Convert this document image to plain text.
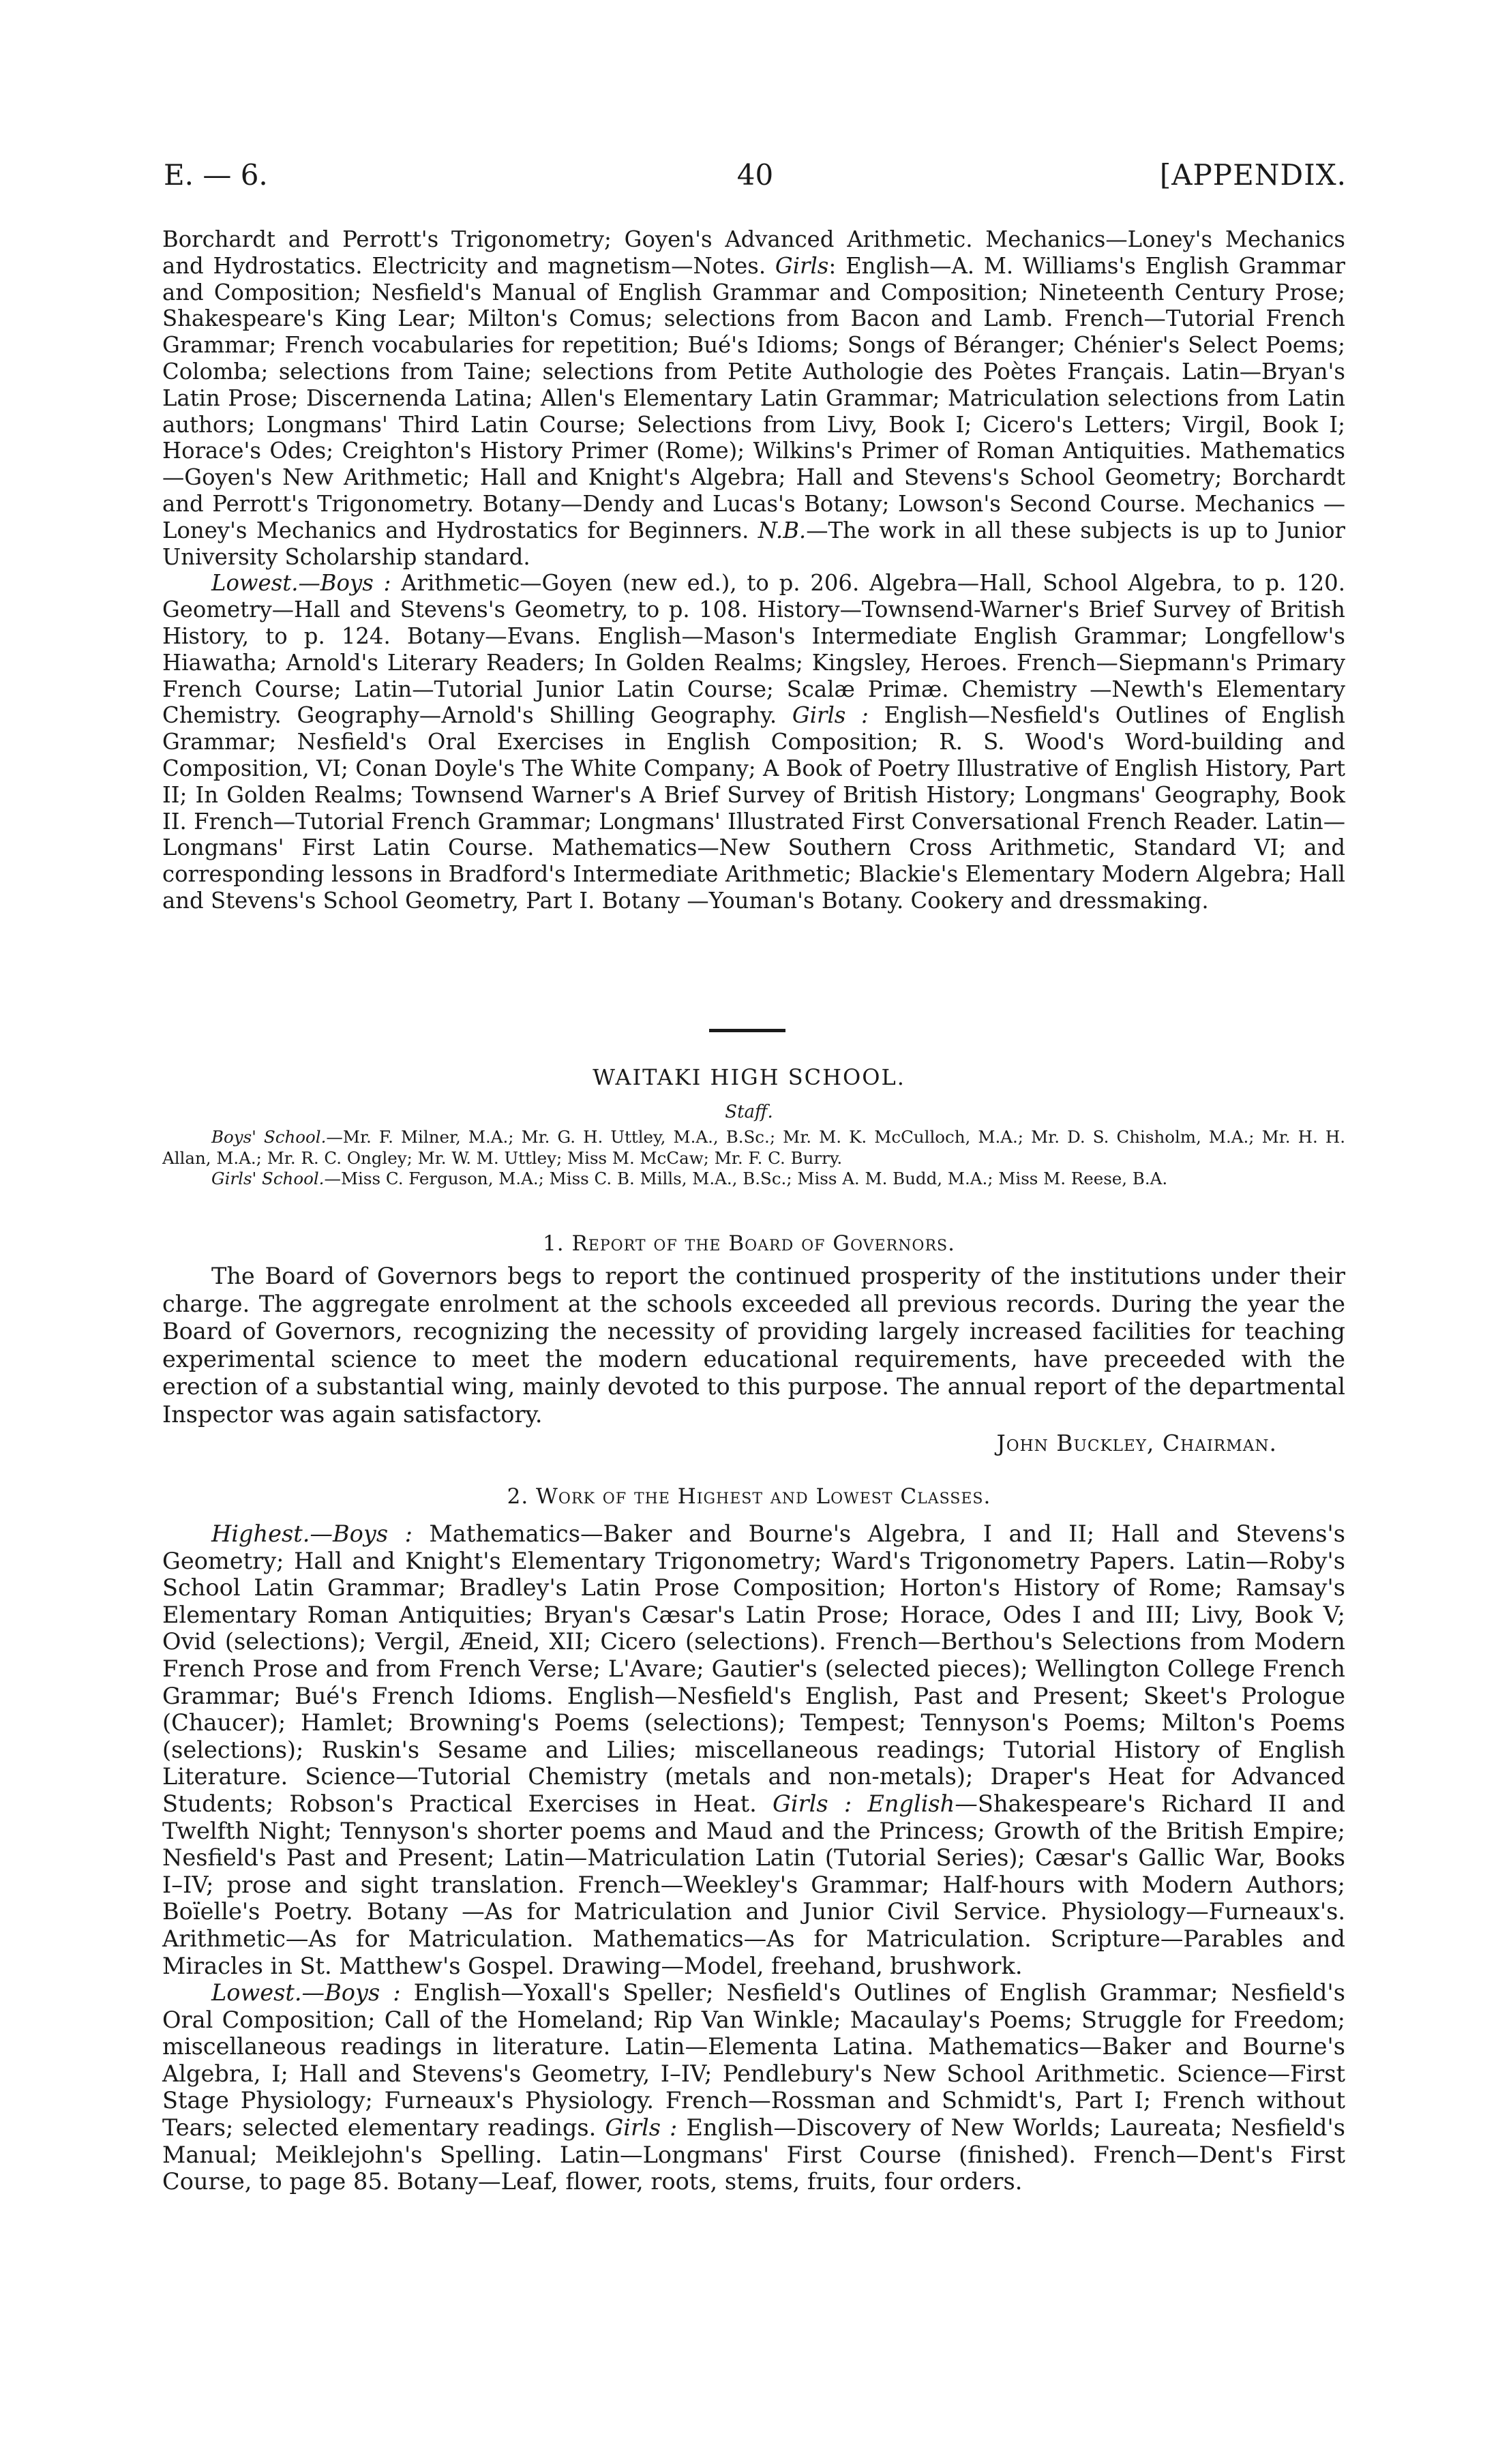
E. — 6.	40	[APPENDIX.

Borchardt and Perrott's Trigonometry; Goyen's Advanced Arithmetic. Mechanics—Loney's Mechanics and Hydrostatics. Electricity and magnetism—Notes. Girls: English—A. M. Williams's English Grammar and Composition; Nesfield's Manual of English Grammar and Composition; Nineteenth Century Prose; Shakespeare's King Lear; Milton's Comus; selections from Bacon and Lamb. French—Tutorial French Grammar; French vocabularies for repetition; Bué's Idioms; Songs of Béranger; Chénier's Select Poems; Colomba; selections from Taine; selections from Petite Authologie des Poètes Français. Latin—Bryan's Latin Prose; Discernenda Latina; Allen's Elementary Latin Grammar; Matriculation selections from Latin authors; Longmans' Third Latin Course; Selections from Livy, Book I; Cicero's Letters; Virgil, Book I; Horace's Odes; Creighton's History Primer (Rome); Wilkins's Primer of Roman Antiquities. Mathematics—Goyen's New Arithmetic; Hall and Knight's Algebra; Hall and Stevens's School Geometry; Borchardt and Perrott's Trigonometry. Botany—Dendy and Lucas's Botany; Lowson's Second Course. Mechanics —Loney's Mechanics and Hydrostatics for Beginners. N.B.—The work in all these subjects is up to Junior University Scholarship standard.

Lowest.—Boys : Arithmetic—Goyen (new ed.), to p. 206. Algebra—Hall, School Algebra, to p. 120. Geometry—Hall and Stevens's Geometry, to p. 108. History—Townsend-Warner's Brief Survey of British History, to p. 124. Botany—Evans. English—Mason's Intermediate English Grammar; Longfellow's Hiawatha; Arnold's Literary Readers; In Golden Realms; Kingsley, Heroes. French—Siepmann's Primary French Course; Latin—Tutorial Junior Latin Course; Scalæ Primæ. Chemistry —Newth's Elementary Chemistry. Geography—Arnold's Shilling Geography. Girls : English—Nesfield's Outlines of English Grammar; Nesfield's Oral Exercises in English Composition; R. S. Wood's Word-building and Composition, VI; Conan Doyle's The White Company; A Book of Poetry Illustrative of English History, Part II; In Golden Realms; Townsend Warner's A Brief Survey of British History; Longmans' Geography, Book II. French—Tutorial French Grammar; Longmans' Illustrated First Conversational French Reader. Latin—Longmans' First Latin Course. Mathematics—New Southern Cross Arithmetic, Standard VI; and corresponding lessons in Bradford's Intermediate Arithmetic; Blackie's Elementary Modern Algebra; Hall and Stevens's School Geometry, Part I. Botany —Youman's Botany. Cookery and dressmaking.

WAITAKI HIGH SCHOOL.
Staff.

Boys' School.—Mr. F. Milner, M.A.; Mr. G. H. Uttley, M.A., B.Sc.; Mr. M. K. McCulloch, M.A.; Mr. D. S. Chisholm, M.A.; Mr. H. H. Allan, M.A.; Mr. R. C. Ongley; Mr. W. M. Uttley; Miss M. McCaw; Mr. F. C. Burry.

Girls' School.—Miss C. Ferguson, M.A.; Miss C. B. Mills, M.A., B.Sc.; Miss A. M. Budd, M.A.; Miss M. Reese, B.A.

1. Report of the Board of Governors.

The Board of Governors begs to report the continued prosperity of the institutions under their charge. The aggregate enrolment at the schools exceeded all previous records. During the year the Board of Governors, recognizing the necessity of providing largely increased facilities for teaching experimental science to meet the modern educational requirements, have preceeded with the erection of a substantial wing, mainly devoted to this purpose. The annual report of the departmental Inspector was again satisfactory.

John Buckley, Chairman.
2. Work of the Highest and Lowest Classes.

Highest.—Boys : Mathematics—Baker and Bourne's Algebra, I and II; Hall and Stevens's Geometry; Hall and Knight's Elementary Trigonometry; Ward's Trigonometry Papers. Latin—Roby's School Latin Grammar; Bradley's Latin Prose Composition; Horton's History of Rome; Ramsay's Elementary Roman Antiquities; Bryan's Cæsar's Latin Prose; Horace, Odes I and III; Livy, Book V; Ovid (selections); Vergil, Æneid, XII; Cicero (selections). French—Berthou's Selections from Modern French Prose and from French Verse; L'Avare; Gautier's (selected pieces); Wellington College French Grammar; Bué's French Idioms. English—Nesfield's English, Past and Present; Skeet's Prologue (Chaucer); Hamlet; Browning's Poems (selections); Tempest; Tennyson's Poems; Milton's Poems (selections); Ruskin's Sesame and Lilies; miscellaneous readings; Tutorial History of English Literature. Science—Tutorial Chemistry (metals and non-metals); Draper's Heat for Advanced Students; Robson's Practical Exercises in Heat. Girls : English—Shakespeare's Richard II and Twelfth Night; Tennyson's shorter poems and Maud and the Princess; Growth of the British Empire; Nesfield's Past and Present; Latin—Matriculation Latin (Tutorial Series); Cæsar's Gallic War, Books I–IV; prose and sight translation. French—Weekley's Grammar; Half-hours with Modern Authors; Boïelle's Poetry. Botany —As for Matriculation and Junior Civil Service. Physiology—Furneaux's. Arithmetic—As for Matriculation. Mathematics—As for Matriculation. Scripture—Parables and Miracles in St. Matthew's Gospel. Drawing—Model, freehand, brushwork.

Lowest.—Boys : English—Yoxall's Speller; Nesfield's Outlines of English Grammar; Nesfield's Oral Composition; Call of the Homeland; Rip Van Winkle; Macaulay's Poems; Struggle for Freedom; miscellaneous readings in literature. Latin—Elementa Latina. Mathematics—Baker and Bourne's Algebra, I; Hall and Stevens's Geometry, I–IV; Pendlebury's New School Arithmetic. Science—First Stage Physiology; Furneaux's Physiology. French—Rossman and Schmidt's, Part I; French without Tears; selected elementary readings. Girls : English—Discovery of New Worlds; Laureata; Nesfield's Manual; Meiklejohn's Spelling. Latin—Longmans' First Course (finished). French—Dent's First Course, to page 85. Botany—Leaf, flower, roots, stems, fruits, four orders.
